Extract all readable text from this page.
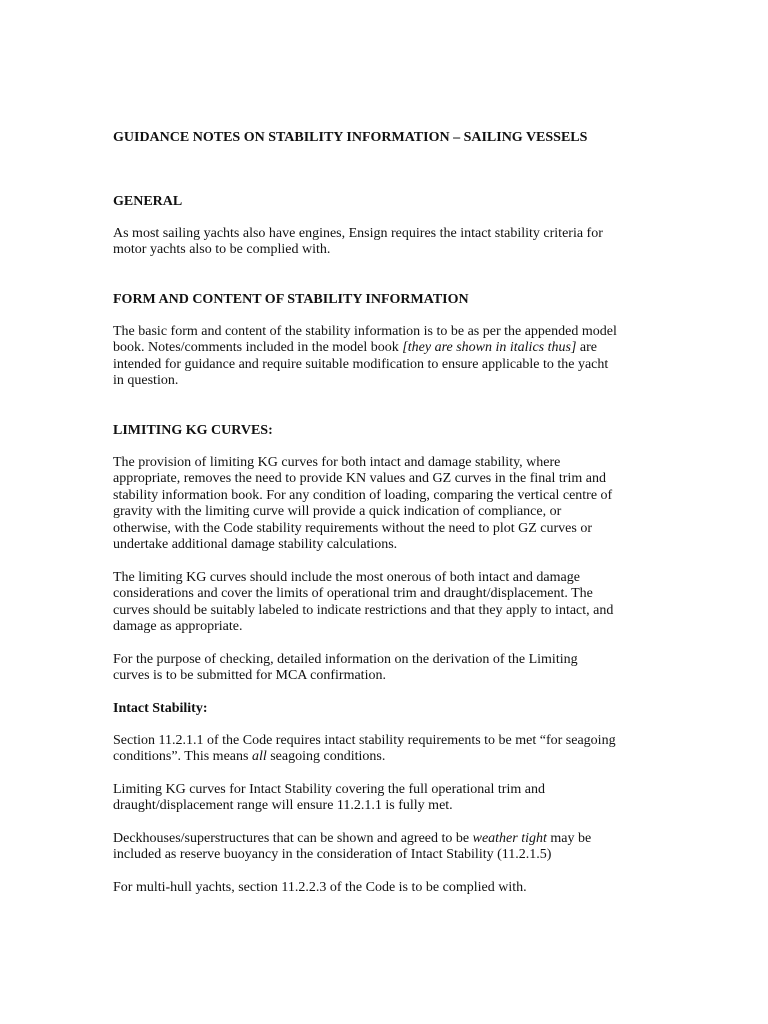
GUIDANCE NOTES ON STABILITY INFORMATION – SAILING VESSELS
GENERAL
As most sailing yachts also have engines, Ensign requires the intact stability criteria for
motor yachts also to be complied with.
FORM AND CONTENT OF STABILITY INFORMATION
The basic form and content of the stability information is to be as per the appended model
book. Notes/comments included in the model book [they are shown in italics thus] are
intended for guidance and require suitable modification to ensure applicable to the yacht
in question.
LIMITING KG CURVES:
The provision of limiting KG curves for both intact and damage stability, where
appropriate, removes the need to provide KN values and GZ curves in the final trim and
stability information book. For any condition of loading, comparing the vertical centre of
gravity with the limiting curve will provide a quick indication of compliance, or
otherwise, with the Code stability requirements without the need to plot GZ curves or
undertake additional damage stability calculations.
The limiting KG curves should include the most onerous of both intact and damage
considerations and cover the limits of operational trim and draught/displacement. The
curves should be suitably labeled to indicate restrictions and that they apply to intact, and
damage as appropriate.
For the purpose of checking, detailed information on the derivation of the Limiting
curves is to be submitted for MCA confirmation.
Intact Stability:
Section 11.2.1.1 of the Code requires intact stability requirements to be met “for seagoing
conditions”. This means all seagoing conditions.
Limiting KG curves for Intact Stability covering the full operational trim and
draught/displacement range will ensure 11.2.1.1 is fully met.
Deckhouses/superstructures that can be shown and agreed to be weather tight may be
included as reserve buoyancy in the consideration of Intact Stability (11.2.1.5)
For multi-hull yachts, section 11.2.2.3 of the Code is to be complied with.
